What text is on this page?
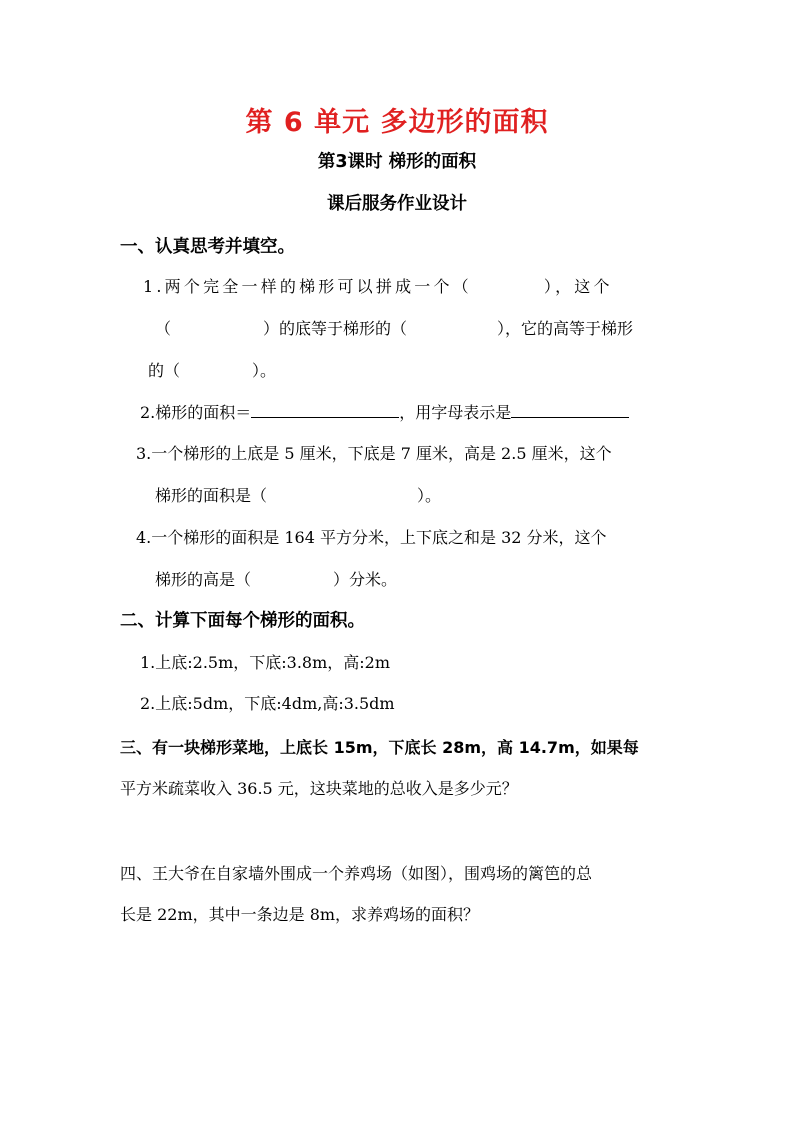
第 6 单元 多边形的面积
第3课时 梯形的面积
课后服务作业设计
一、认真思考并填空。
1.两个完全一样的梯形可以拼成一个（	），这个
（	）的底等于梯形的（	），它的高等于梯形
的（	）。
2.梯形的面积＝	，用字母表示是
3.一个梯形的上底是 5 厘米，下底是 7 厘米，高是 2.5 厘米，这个
梯形的面积是（	）。
4.一个梯形的面积是 164 平方分米，上下底之和是 32 分米，这个
梯形的高是（	）分米。
二、计算下面每个梯形的面积。
1.上底:2.5m，下底:3.8m，高:2m
2.上底:5dm，下底:4dm,高:3.5dm
三、有一块梯形菜地，上底长 15m，下底长 28m，高 14.7m，如果每
平方米疏菜收入 36.5 元，这块菜地的总收入是多少元？
四、王大爷在自家墙外围成一个养鸡场（如图），围鸡场的篱笆的总
长是 22m，其中一条边是 8m，求养鸡场的面积？
